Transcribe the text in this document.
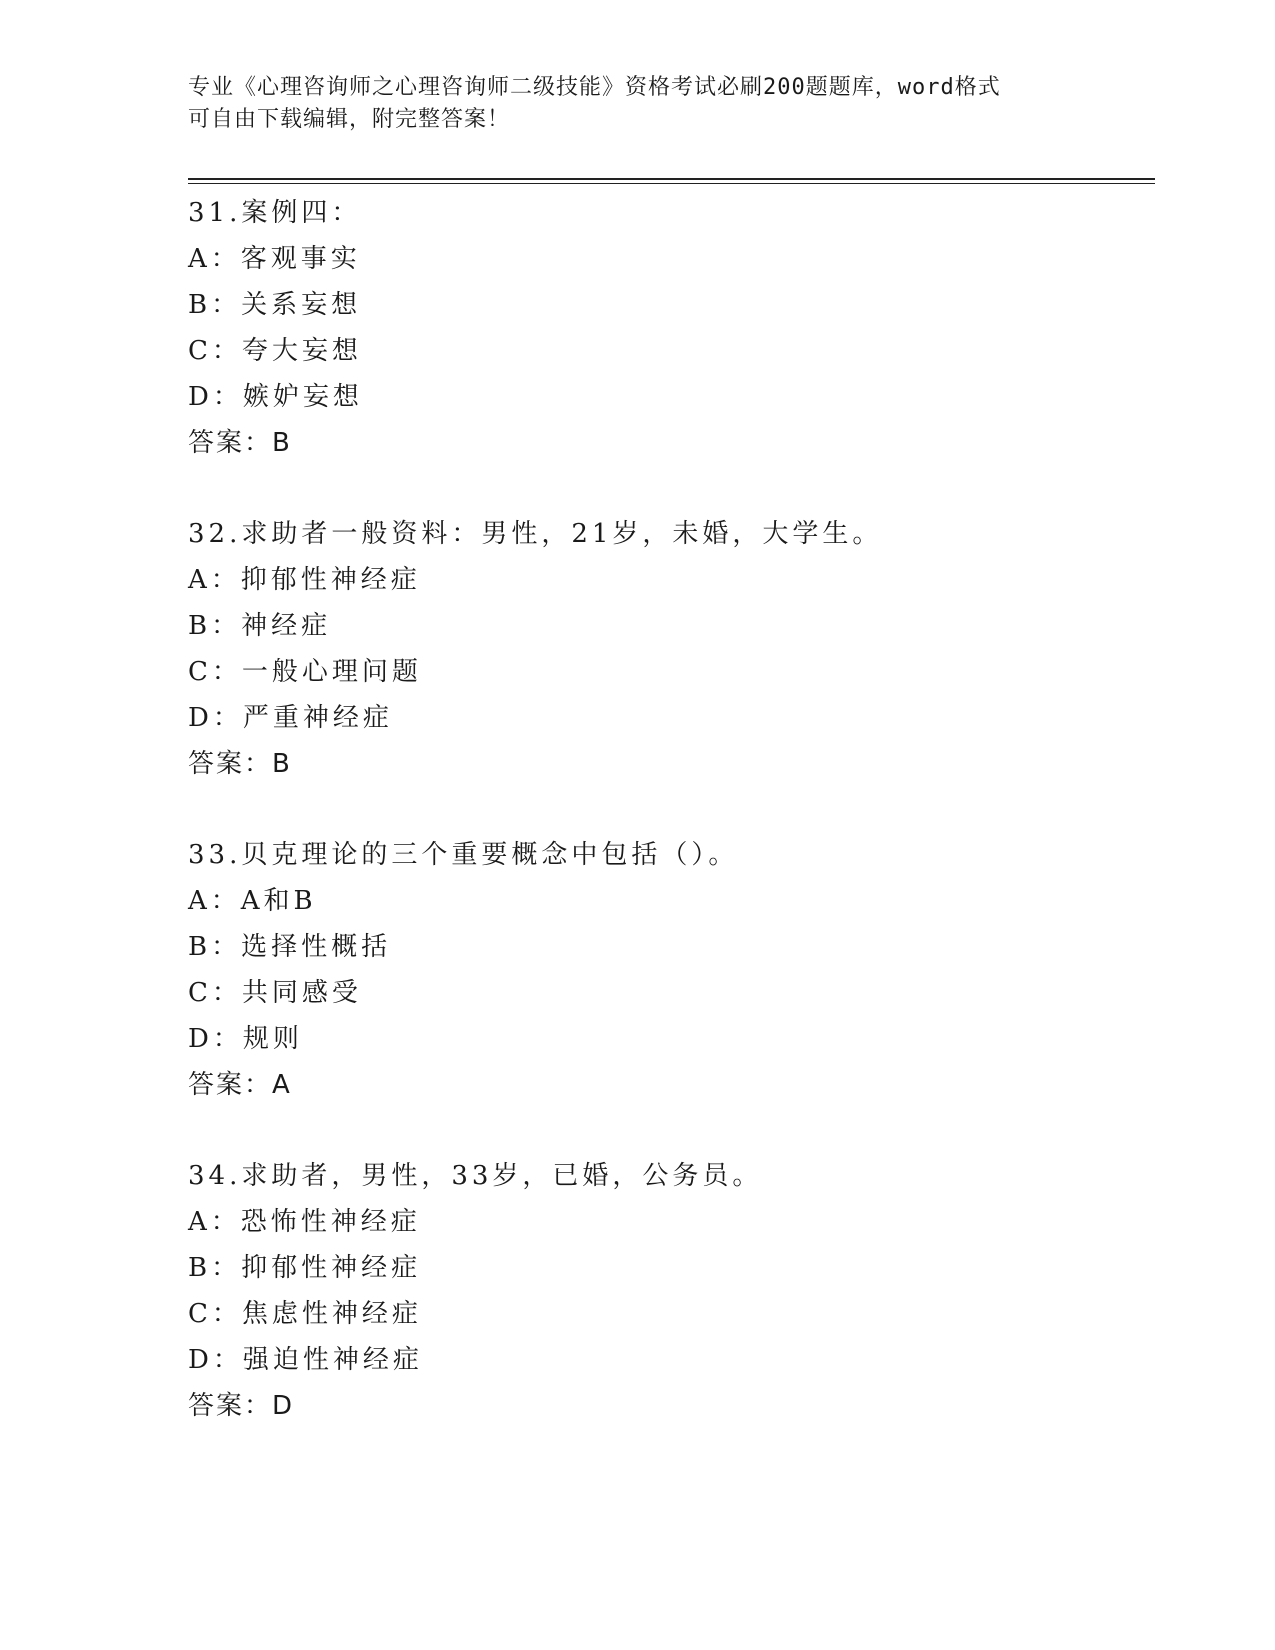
专业《心理咨询师之心理咨询师二级技能》资格考试必刷200题题库，word格式
可自由下载编辑，附完整答案！
31.案例四：
A：客观事实
B：关系妄想
C：夸大妄想
D：嫉妒妄想
答案：B
32.求助者一般资料：男性，21岁，未婚，大学生。
A：抑郁性神经症
B：神经症
C：一般心理问题
D：严重神经症
答案：B
33.贝克理论的三个重要概念中包括（）。
A：A和B
B：选择性概括
C：共同感受
D：规则
答案：A
34.求助者，男性，33岁，已婚，公务员。
A：恐怖性神经症
B：抑郁性神经症
C：焦虑性神经症
D：强迫性神经症
答案：D
